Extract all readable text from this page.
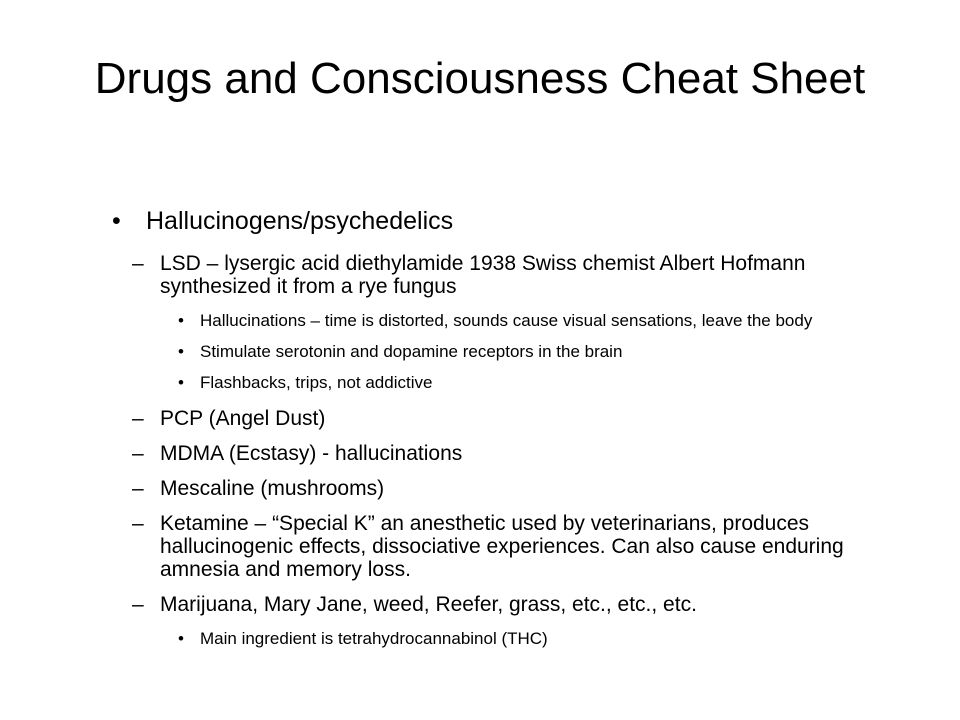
Drugs and Consciousness Cheat Sheet
• Hallucinogens/psychedelics
– LSD – lysergic acid diethylamide 1938 Swiss chemist Albert Hofmann synthesized it from a rye fungus
• Hallucinations – time is distorted, sounds cause visual sensations, leave the body
• Stimulate serotonin and dopamine receptors in the brain
• Flashbacks, trips, not addictive
– PCP (Angel Dust)
– MDMA (Ecstasy) - hallucinations
– Mescaline (mushrooms)
– Ketamine – “Special K” an anesthetic used by veterinarians, produces hallucinogenic effects, dissociative experiences. Can also cause enduring amnesia and memory loss.
– Marijuana, Mary Jane, weed, Reefer, grass, etc., etc., etc.
• Main ingredient is tetrahydrocannabinol (THC)
